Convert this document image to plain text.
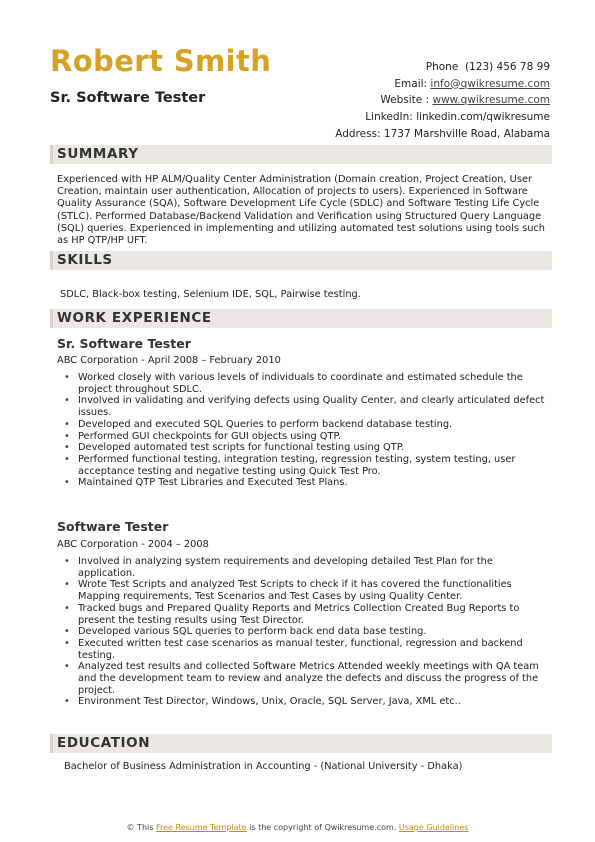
Robert Smith
Sr. Software Tester
Phone (123) 456 78 99
Email: info@qwikresume.com
Website : www.qwikresume.com
LinkedIn: linkedin.com/qwikresume
Address: 1737 Marshville Road, Alabama
SUMMARY
Experienced with HP ALM/Quality Center Administration (Domain creation, Project Creation, User Creation, maintain user authentication, Allocation of projects to users). Experienced in Software Quality Assurance (SQA), Software Development Life Cycle (SDLC) and Software Testing Life Cycle (STLC). Performed Database/Backend Validation and Verification using Structured Query Language (SQL) queries. Experienced in implementing and utilizing automated test solutions using tools such as HP QTP/HP UFT.
SKILLS
SDLC, Black-box testing, Selenium IDE, SQL, Pairwise testing.
WORK EXPERIENCE
Sr. Software Tester
ABC Corporation - April 2008 – February 2010
• Worked closely with various levels of individuals to coordinate and estimated schedule the project throughout SDLC.
• Involved in validating and verifying defects using Quality Center, and clearly articulated defect issues.
• Developed and executed SQL Queries to perform backend database testing.
• Performed GUI checkpoints for GUI objects using QTP.
• Developed automated test scripts for functional testing using QTP.
• Performed functional testing, integration testing, regression testing, system testing, user acceptance testing and negative testing using Quick Test Pro.
• Maintained QTP Test Libraries and Executed Test Plans.
Software Tester
ABC Corporation - 2004 – 2008
• Involved in analyzing system requirements and developing detailed Test Plan for the application.
• Wrote Test Scripts and analyzed Test Scripts to check if it has covered the functionalities Mapping requirements, Test Scenarios and Test Cases by using Quality Center.
• Tracked bugs and Prepared Quality Reports and Metrics Collection Created Bug Reports to present the testing results using Test Director.
• Developed various SQL queries to perform back end data base testing.
• Executed written test case scenarios as manual tester, functional, regression and backend testing.
• Analyzed test results and collected Software Metrics Attended weekly meetings with QA team and the development team to review and analyze the defects and discuss the progress of the project.
• Environment Test Director, Windows, Unix, Oracle, SQL Server, Java, XML etc..
EDUCATION
Bachelor of Business Administration in Accounting - (National University - Dhaka)
© This Free Resume Template is the copyright of Qwikresume.com. Usage Guidelines
